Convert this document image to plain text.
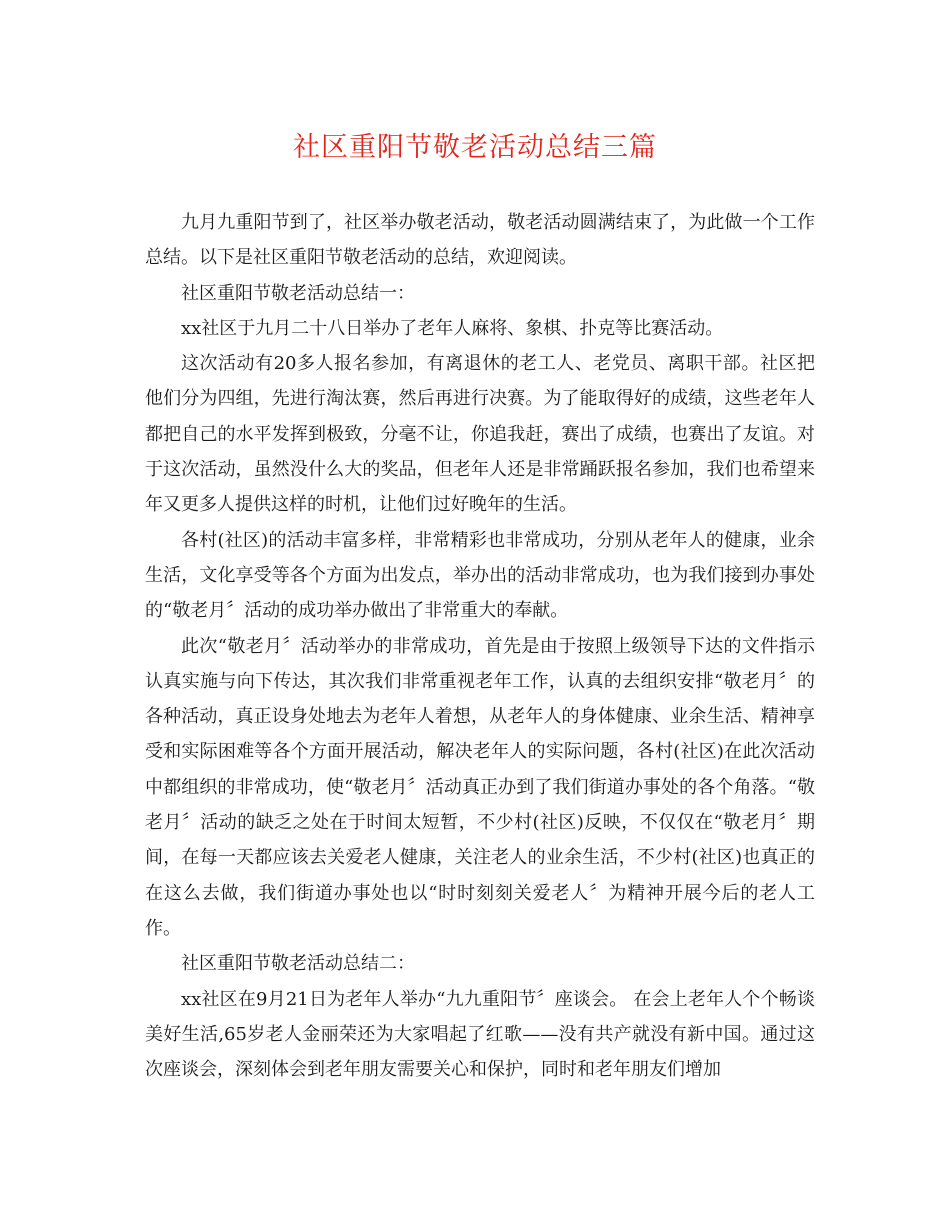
社区重阳节敬老活动总结三篇

九月九重阳节到了，社区举办敬老活动，敬老活动圆满结束了，为此做一个工作总结。以下是社区重阳节敬老活动的总结，欢迎阅读。

社区重阳节敬老活动总结一：

xx社区于九月二十八日举办了老年人麻将、象棋、扑克等比赛活动。

这次活动有20多人报名参加，有离退休的老工人、老党员、离职干部。社区把他们分为四组，先进行淘汰赛，然后再进行决赛。为了能取得好的成绩，这些老年人都把自己的水平发挥到极致，分毫不让，你追我赶，赛出了成绩，也赛出了友谊。对于这次活动，虽然没什么大的奖品，但老年人还是非常踊跃报名参加，我们也希望来年又更多人提供这样的时机，让他们过好晚年的生活。

各村(社区)的活动丰富多样，非常精彩也非常成功，分别从老年人的健康，业余生活，文化享受等各个方面为出发点，举办出的活动非常成功，也为我们接到办事处的“敬老月〞活动的成功举办做出了非常重大的奉献。

此次“敬老月〞活动举办的非常成功，首先是由于按照上级领导下达的文件指示认真实施与向下传达，其次我们非常重视老年工作，认真的去组织安排“敬老月〞的各种活动，真正设身处地去为老年人着想，从老年人的身体健康、业余生活、精神享受和实际困难等各个方面开展活动，解决老年人的实际问题，各村(社区)在此次活动中都组织的非常成功，使“敬老月〞活动真正办到了我们街道办事处的各个角落。“敬老月〞活动的缺乏之处在于时间太短暂，不少村(社区)反映，不仅仅在“敬老月〞期间，在每一天都应该去关爱老人健康，关注老人的业余生活，不少村(社区)也真正的在这么去做，我们街道办事处也以“时时刻刻关爱老人〞为精神开展今后的老人工作。

社区重阳节敬老活动总结二：

xx社区在9月21日为老年人举办“九九重阳节〞座谈会。 在会上老年人个个畅谈美好生活,65岁老人金丽荣还为大家唱起了红歌——没有共产就没有新中国。通过这次座谈会，深刻体会到老年朋友需要关心和保护，同时和老年朋友们增加
